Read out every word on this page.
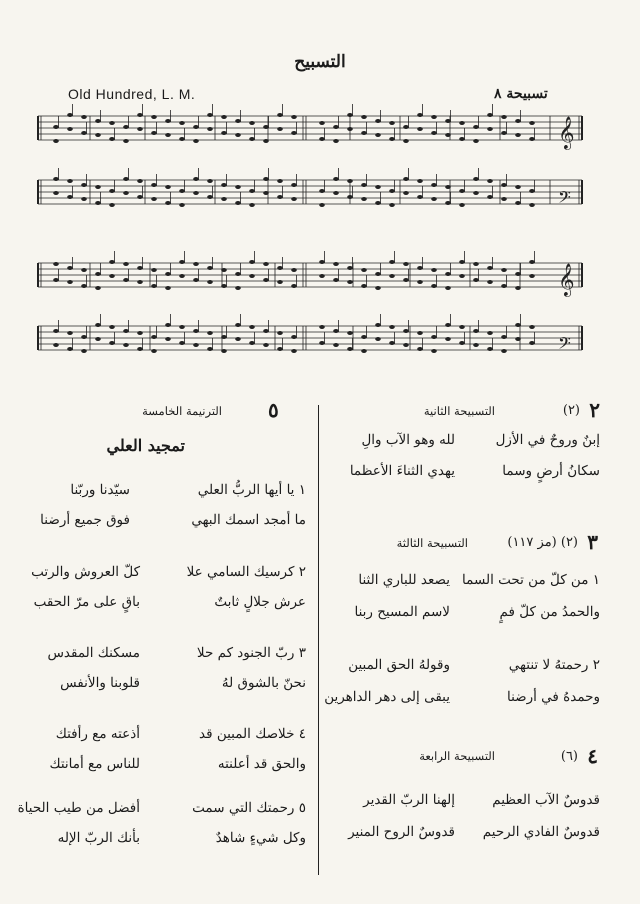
التسبيح
Old Hundred, L. M.	تسبيحة ٨
𝄞
𝄢
𝄞
𝄢
٢
(٢)
التسبيحة الثانية
إبنٌ وروحٌ في الأزل
لله وهو الآب والِ
سكانُ أرضٍ وسما
يهدي الثناءَ الأعظما
٣
(٢) (مز ١١٧)
التسبيحة الثالثة
١ من كلّ من تحت السما
يصعد للباري الثنا
والحمدُ من كلّ فمٍ
لاسم المسيح ربنا
٢ رحمتهُ لا تنتهي
وقولهُ الحق المبين
وحمدهُ في أرضنا
يبقى إلى دهر الداهرين
٤
(٦)
التسبيحة الرابعة
قدوسٌ الآب العظيم
إلهنا الربّ القدير
قدوسٌ الفادي الرحيم
قدوسٌ الروح المنير
٥
الترنيمة الخامسة
تمجيد العلي
١ يا أيها الربُّ العلي
سيّدنا وربّنا
ما أمجد اسمك البهي
فوق جميع أرضنا
٢ كرسيك السامي علا
كلّ العروش والرتب
عرش جلالٍ ثابتٌ
باقٍ على مرّ الحقب
٣ ربّ الجنود كم حلا
مسكنك المقدس
نحنّ بالشوق لهُ
قلوبنا والأنفس
٤ خلاصك المبين قد
أذعته مع رأفتك
والحق قد أعلنته
للناس مع أمانتك
٥ رحمتك التي سمت
أفضل من طيب الحياة
وكل شيءٍ شاهدٌ
بأنك الربّ الإله
